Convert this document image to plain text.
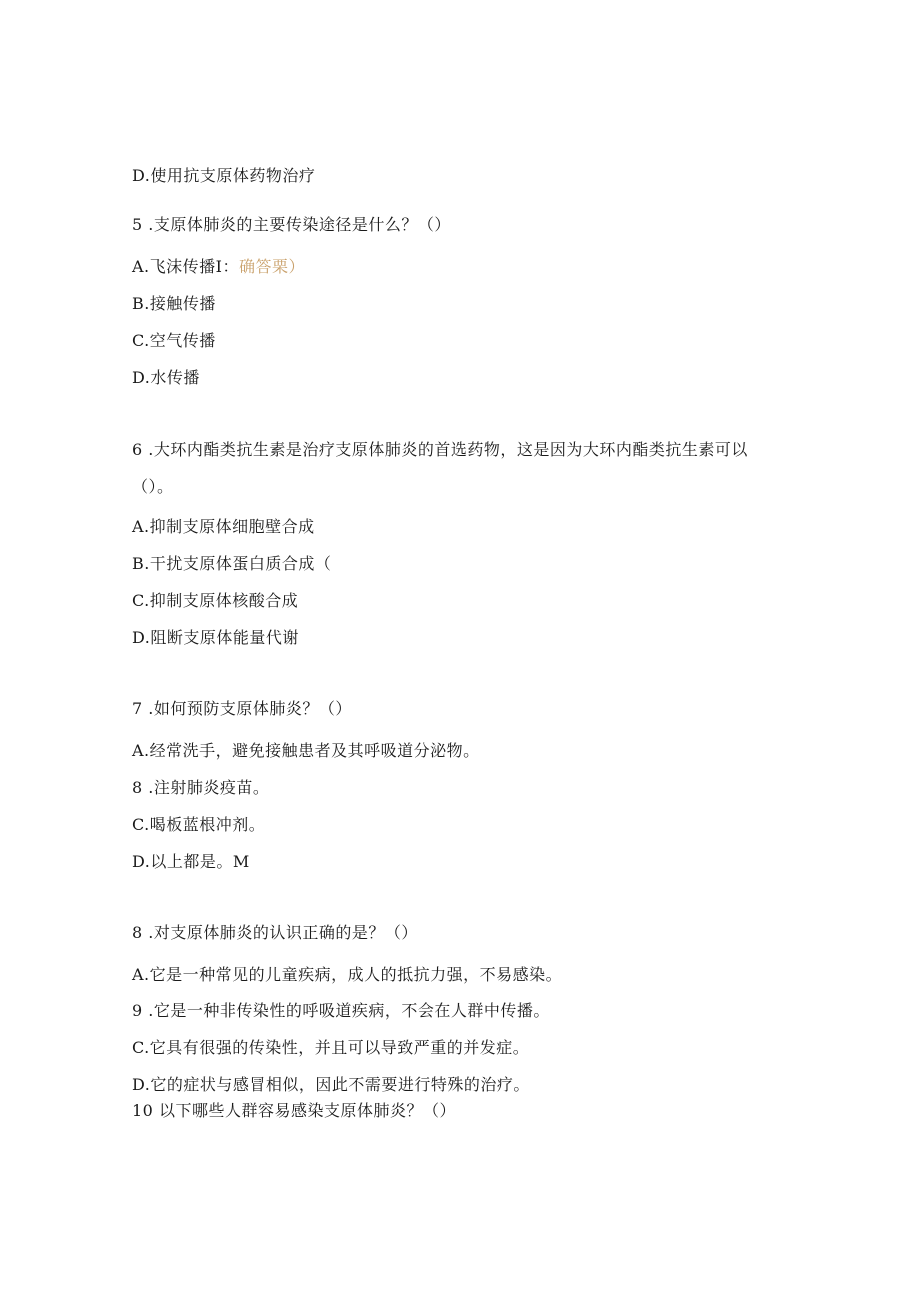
D.使用抗支原体药物治疗
5 .支原体肺炎的主要传染途径是什么？（）
A.飞沫传播I：确答栗）
B.接触传播
C.空气传播
D.水传播
6 .大环内酯类抗生素是治疗支原体肺炎的首选药物，这是因为大环内酯类抗生素可以
（）。
A.抑制支原体细胞壁合成
B.干扰支原体蛋白质合成（
C.抑制支原体核酸合成
D.阻断支原体能量代谢
7 .如何预防支原体肺炎？（）
A.经常洗手，避免接触患者及其呼吸道分泌物。
8 .注射肺炎疫苗。
C.喝板蓝根冲剂。
D.以上都是。M
8 .对支原体肺炎的认识正确的是？（）
A.它是一种常见的儿童疾病，成人的抵抗力强，不易感染。
9 .它是一种非传染性的呼吸道疾病，不会在人群中传播。
C.它具有很强的传染性，并且可以导致严重的并发症。
D.它的症状与感冒相似，因此不需要进行特殊的治疗。
10 以下哪些人群容易感染支原体肺炎？（）
